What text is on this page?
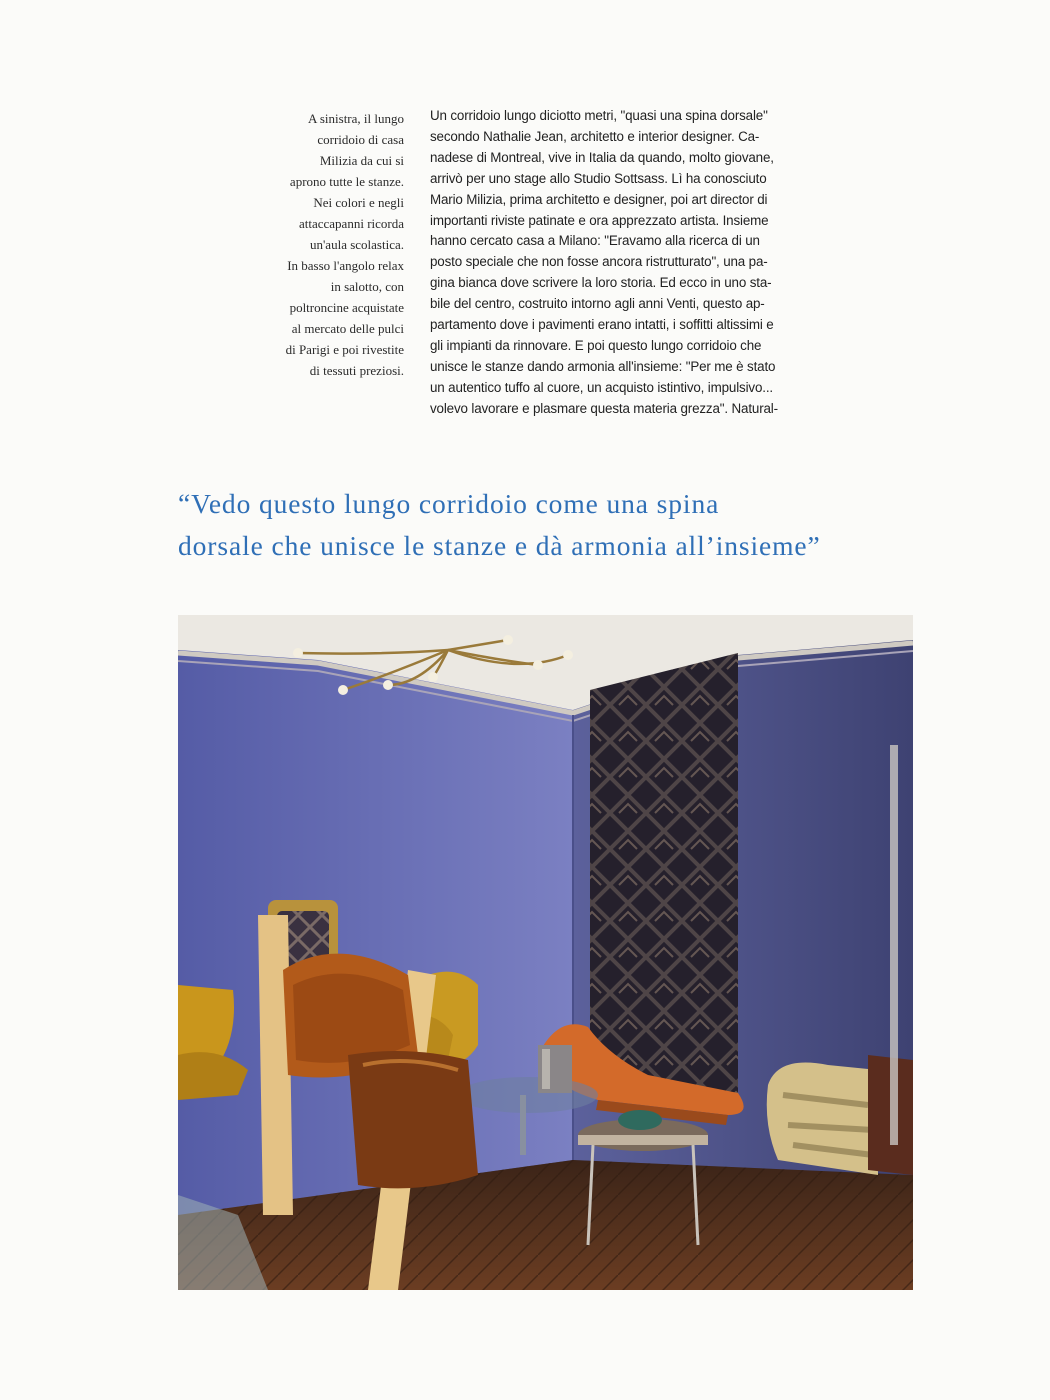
A sinistra, il lungo
corridoio di casa
Milizia da cui si
aprono tutte le stanze.
Nei colori e negli
attaccapanni ricorda
un'aula scolastica.
In basso l'angolo relax
in salotto, con
poltroncine acquistate
al mercato delle pulci
di Parigi e poi rivestite
di tessuti preziosi.
Un corridoio lungo diciotto metri, "quasi una spina dorsale"
secondo Nathalie Jean, architetto e interior designer. Ca-
nadese di Montreal, vive in Italia da quando, molto giovane,
arrivò per uno stage allo Studio Sottsass. Lì ha conosciuto
Mario Milizia, prima architetto e designer, poi art director di
importanti riviste patinate e ora apprezzato artista. Insieme
hanno cercato casa a Milano: "Eravamo alla ricerca di un
posto speciale che non fosse ancora ristrutturato", una pa-
gina bianca dove scrivere la loro storia. Ed ecco in uno sta-
bile del centro, costruito intorno agli anni Venti, questo ap-
partamento dove i pavimenti erano intatti, i soffitti altissimi e
gli impianti da rinnovare. E poi questo lungo corridoio che
unisce le stanze dando armonia all'insieme: "Per me è stato
un autentico tuffo al cuore, un acquisto istintivo, impulsivo...
volevo lavorare e plasmare questa materia grezza". Natural-
“Vedo questo lungo corridoio come una spina
dorsale che unisce le stanze e dà armonia all’insieme”
